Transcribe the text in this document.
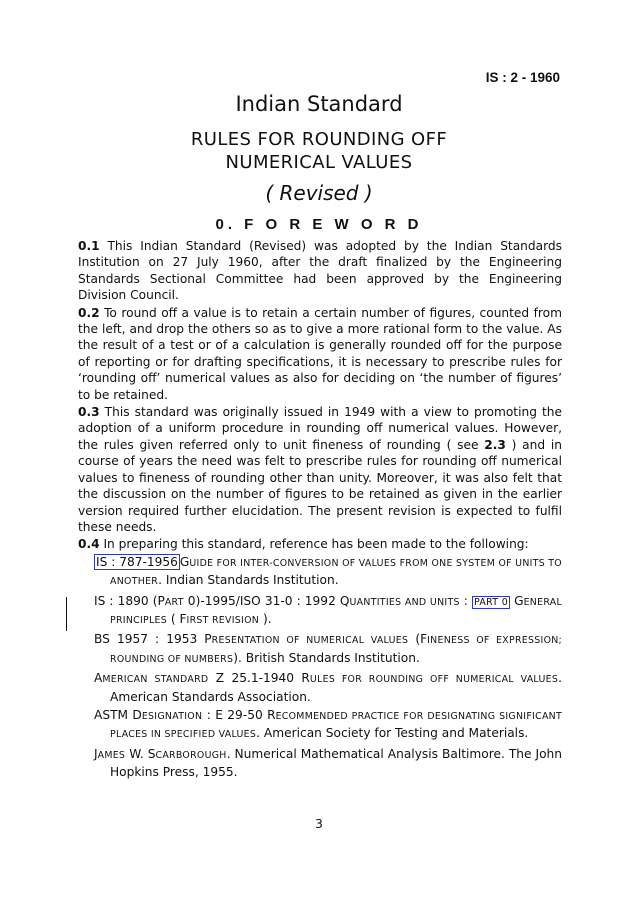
IS : 2 - 1960
Indian Standard
RULES FOR ROUNDING OFF
NUMERICAL VALUES
( Revised )
0. F O R E W O R D

0.1 This Indian Standard (Revised) was adopted by the Indian Standards Institution on 27 July 1960, after the draft finalized by the Engineering Standards Sectional Committee had been approved by the Engineering Division Council.

0.2 To round off a value is to retain a certain number of figures, counted from the left, and drop the others so as to give a more rational form to the value. As the result of a test or of a calculation is generally rounded off for the purpose of reporting or for drafting specifications, it is necessary to prescribe rules for ‘rounding off’ numerical values as also for deciding on ‘the number of figures’ to be retained.

0.3 This standard was originally issued in 1949 with a view to promoting the adoption of a uniform procedure in rounding off numerical values. However, the rules given referred only to unit fineness of rounding ( see 2.3 ) and in course of years the need was felt to prescribe rules for rounding off numerical values to fineness of rounding other than unity. Moreover, it was also felt that the discussion on the number of figures to be retained as given in the earlier version required further elucidation. The present revision is expected to fulfil these needs.

0.4 In preparing this standard, reference has been made to the following:

IS : 787-1956 GUIDE FOR INTER-CONVERSION OF VALUES FROM ONE SYSTEM OF UNITS TO ANOTHER. Indian Standards Institution.
IS : 1890 (PART 0)-1995/ISO 31-0 : 1992 QUANTITIES AND UNITS : PART 0 GENERAL PRINCIPLES ( FIRST REVISION ).
BS 1957 : 1953 PRESENTATION OF NUMERICAL VALUES (FINENESS OF EXPRESSION; ROUNDING OF NUMBERS). British Standards Institution.
AMERICAN STANDARD Z 25.1-1940 RULES FOR ROUNDING OFF NUMERICAL VALUES. American Standards Association.
ASTM DESIGNATION : E 29-50 RECOMMENDED PRACTICE FOR DESIGNATING SIGNIFICANT PLACES IN SPECIFIED VALUES. American Society for Testing and Materials.
JAMES W. SCARBOROUGH. Numerical Mathematical Analysis Baltimore. The John Hopkins Press, 1955.
3
